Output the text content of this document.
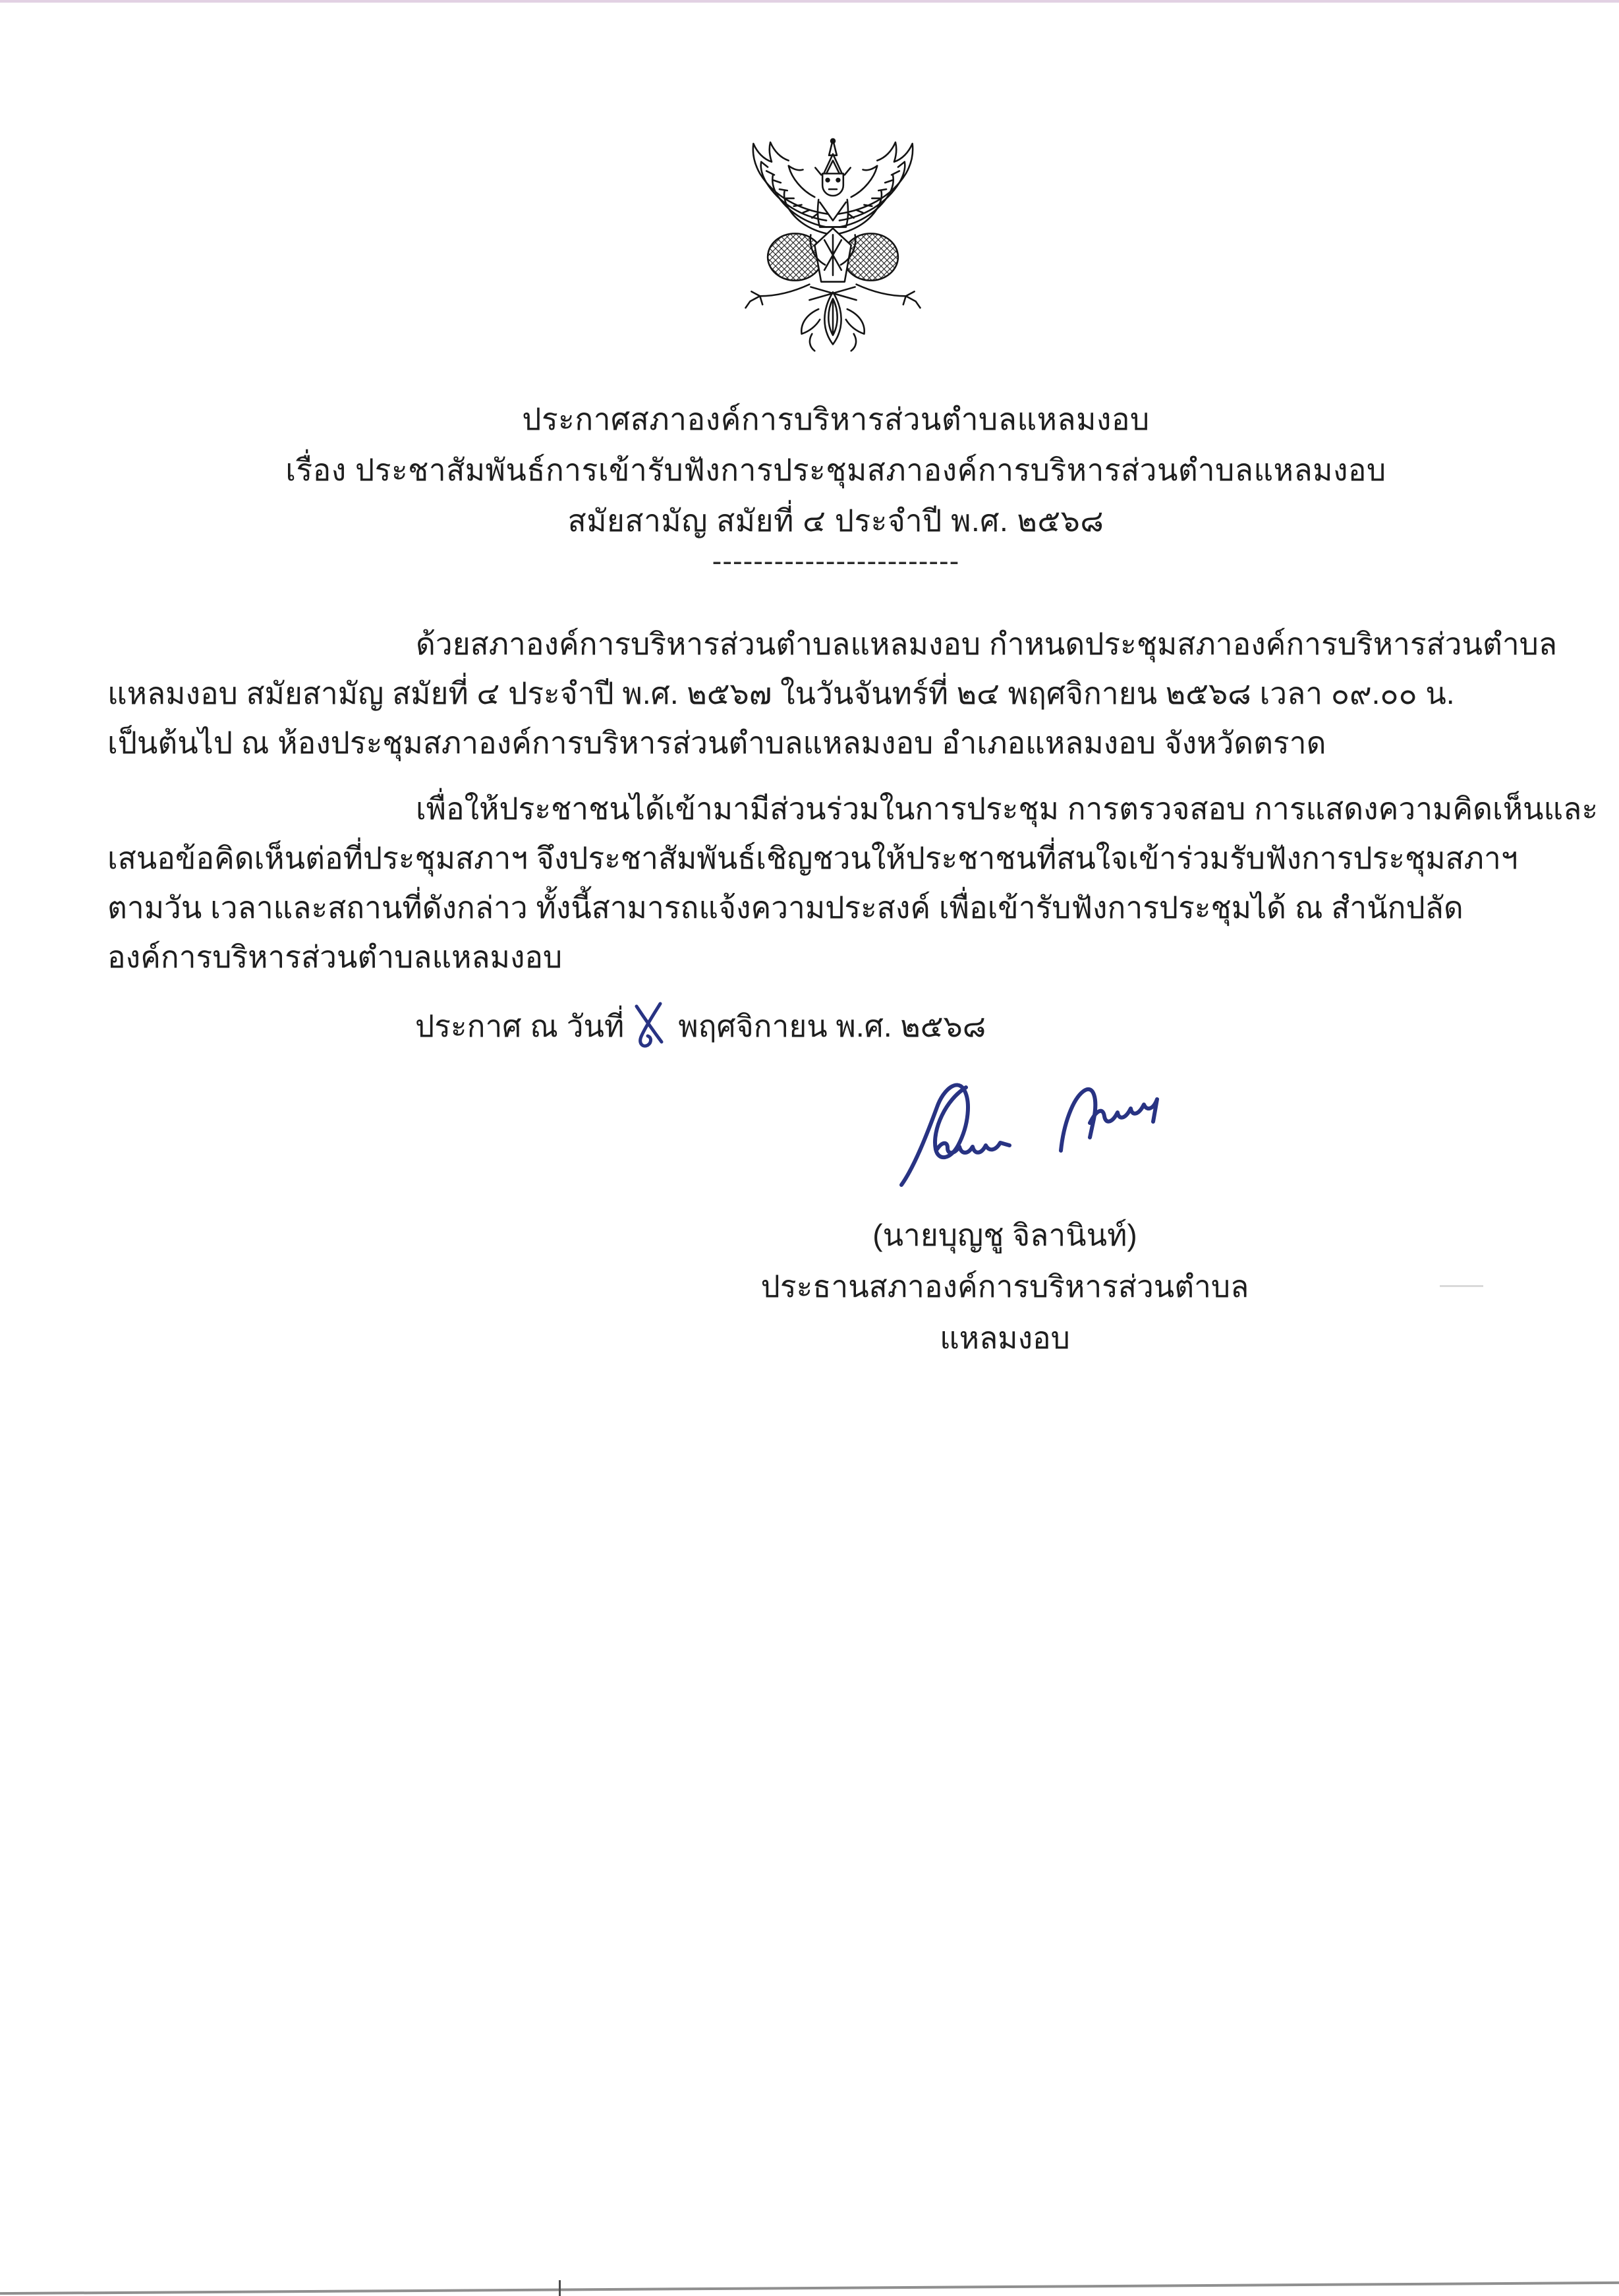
ประกาศสภาองค์การบริหารส่วนตำบลแหลมงอบ
เรื่อง ประชาสัมพันธ์การเข้ารับฟังการประชุมสภาองค์การบริหารส่วนตำบลแหลมงอบ
สมัยสามัญ สมัยที่ ๔ ประจำปี พ.ศ. ๒๕๖๘
------------------------
ด้วยสภาองค์การบริหารส่วนตำบลแหลมงอบ กำหนดประชุมสภาองค์การบริหารส่วนตำบล
แหลมงอบ สมัยสามัญ สมัยที่ ๔ ประจำปี พ.ศ. ๒๕๖๗ ในวันจันทร์ที่ ๒๔ พฤศจิกายน ๒๕๖๘ เวลา ๐๙.๐๐ น.
เป็นต้นไป ณ ห้องประชุมสภาองค์การบริหารส่วนตำบลแหลมงอบ อำเภอแหลมงอบ จังหวัดตราด
เพื่อให้ประชาชนได้เข้ามามีส่วนร่วมในการประชุม การตรวจสอบ การแสดงความคิดเห็นและ
เสนอข้อคิดเห็นต่อที่ประชุมสภาฯ จึงประชาสัมพันธ์เชิญชวนให้ประชาชนที่สนใจเข้าร่วมรับฟังการประชุมสภาฯ
ตามวัน เวลาและสถานที่ดังกล่าว ทั้งนี้สามารถแจ้งความประสงค์ เพื่อเข้ารับฟังการประชุมได้ ณ สำนักปลัด
องค์การบริหารส่วนตำบลแหลมงอบ
ประกาศ ณ วันที่ พฤศจิกายน พ.ศ. ๒๕๖๘
(นายบุญชู จิลานินท์)
ประธานสภาองค์การบริหารส่วนตำบลแหลมงอบ
